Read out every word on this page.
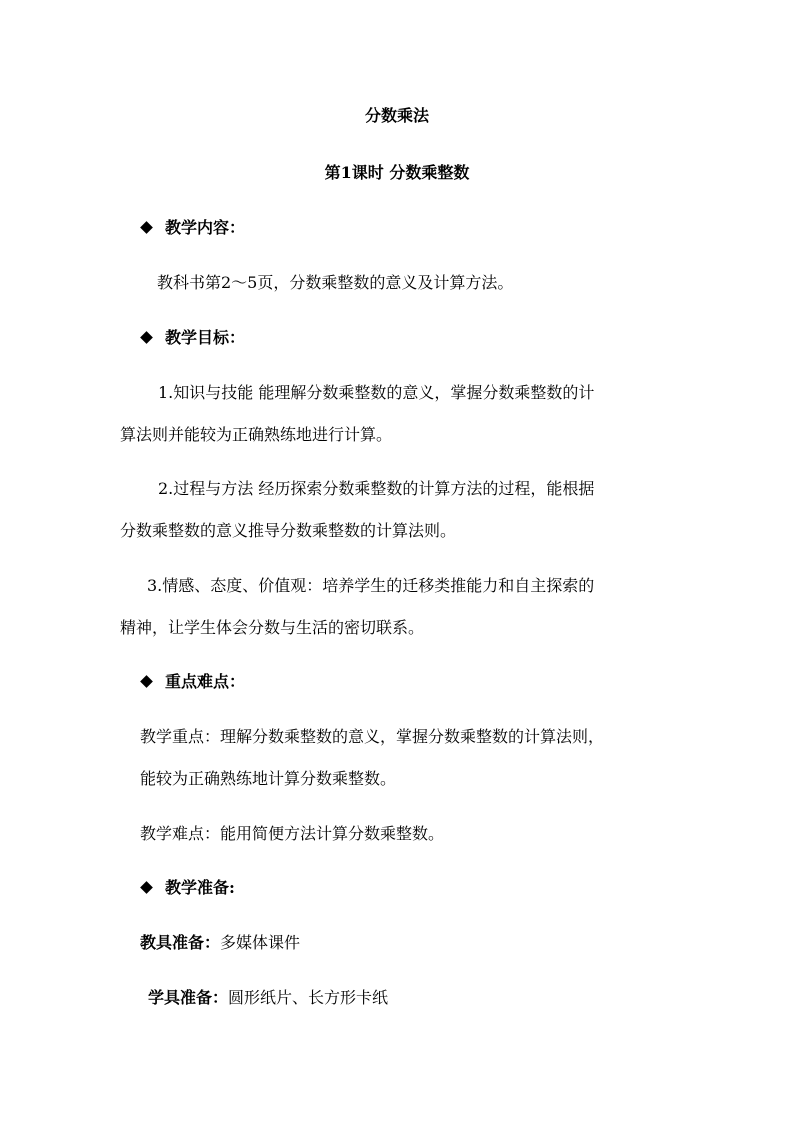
分数乘法
第1课时 分数乘整数
教学内容：
教科书第2～5页，分数乘整数的意义及计算方法。
教学目标：
1.知识与技能 能理解分数乘整数的意义，掌握分数乘整数的计
算法则并能较为正确熟练地进行计算。
2.过程与方法 经历探索分数乘整数的计算方法的过程，能根据
分数乘整数的意义推导分数乘整数的计算法则。
3.情感、态度、价值观：培养学生的迁移类推能力和自主探索的
精神，让学生体会分数与生活的密切联系。
重点难点：
教学重点：理解分数乘整数的意义，掌握分数乘整数的计算法则，
能较为正确熟练地计算分数乘整数。
教学难点：能用简便方法计算分数乘整数。
教学准备:
教具准备：多媒体课件
学具准备：圆形纸片、长方形卡纸
